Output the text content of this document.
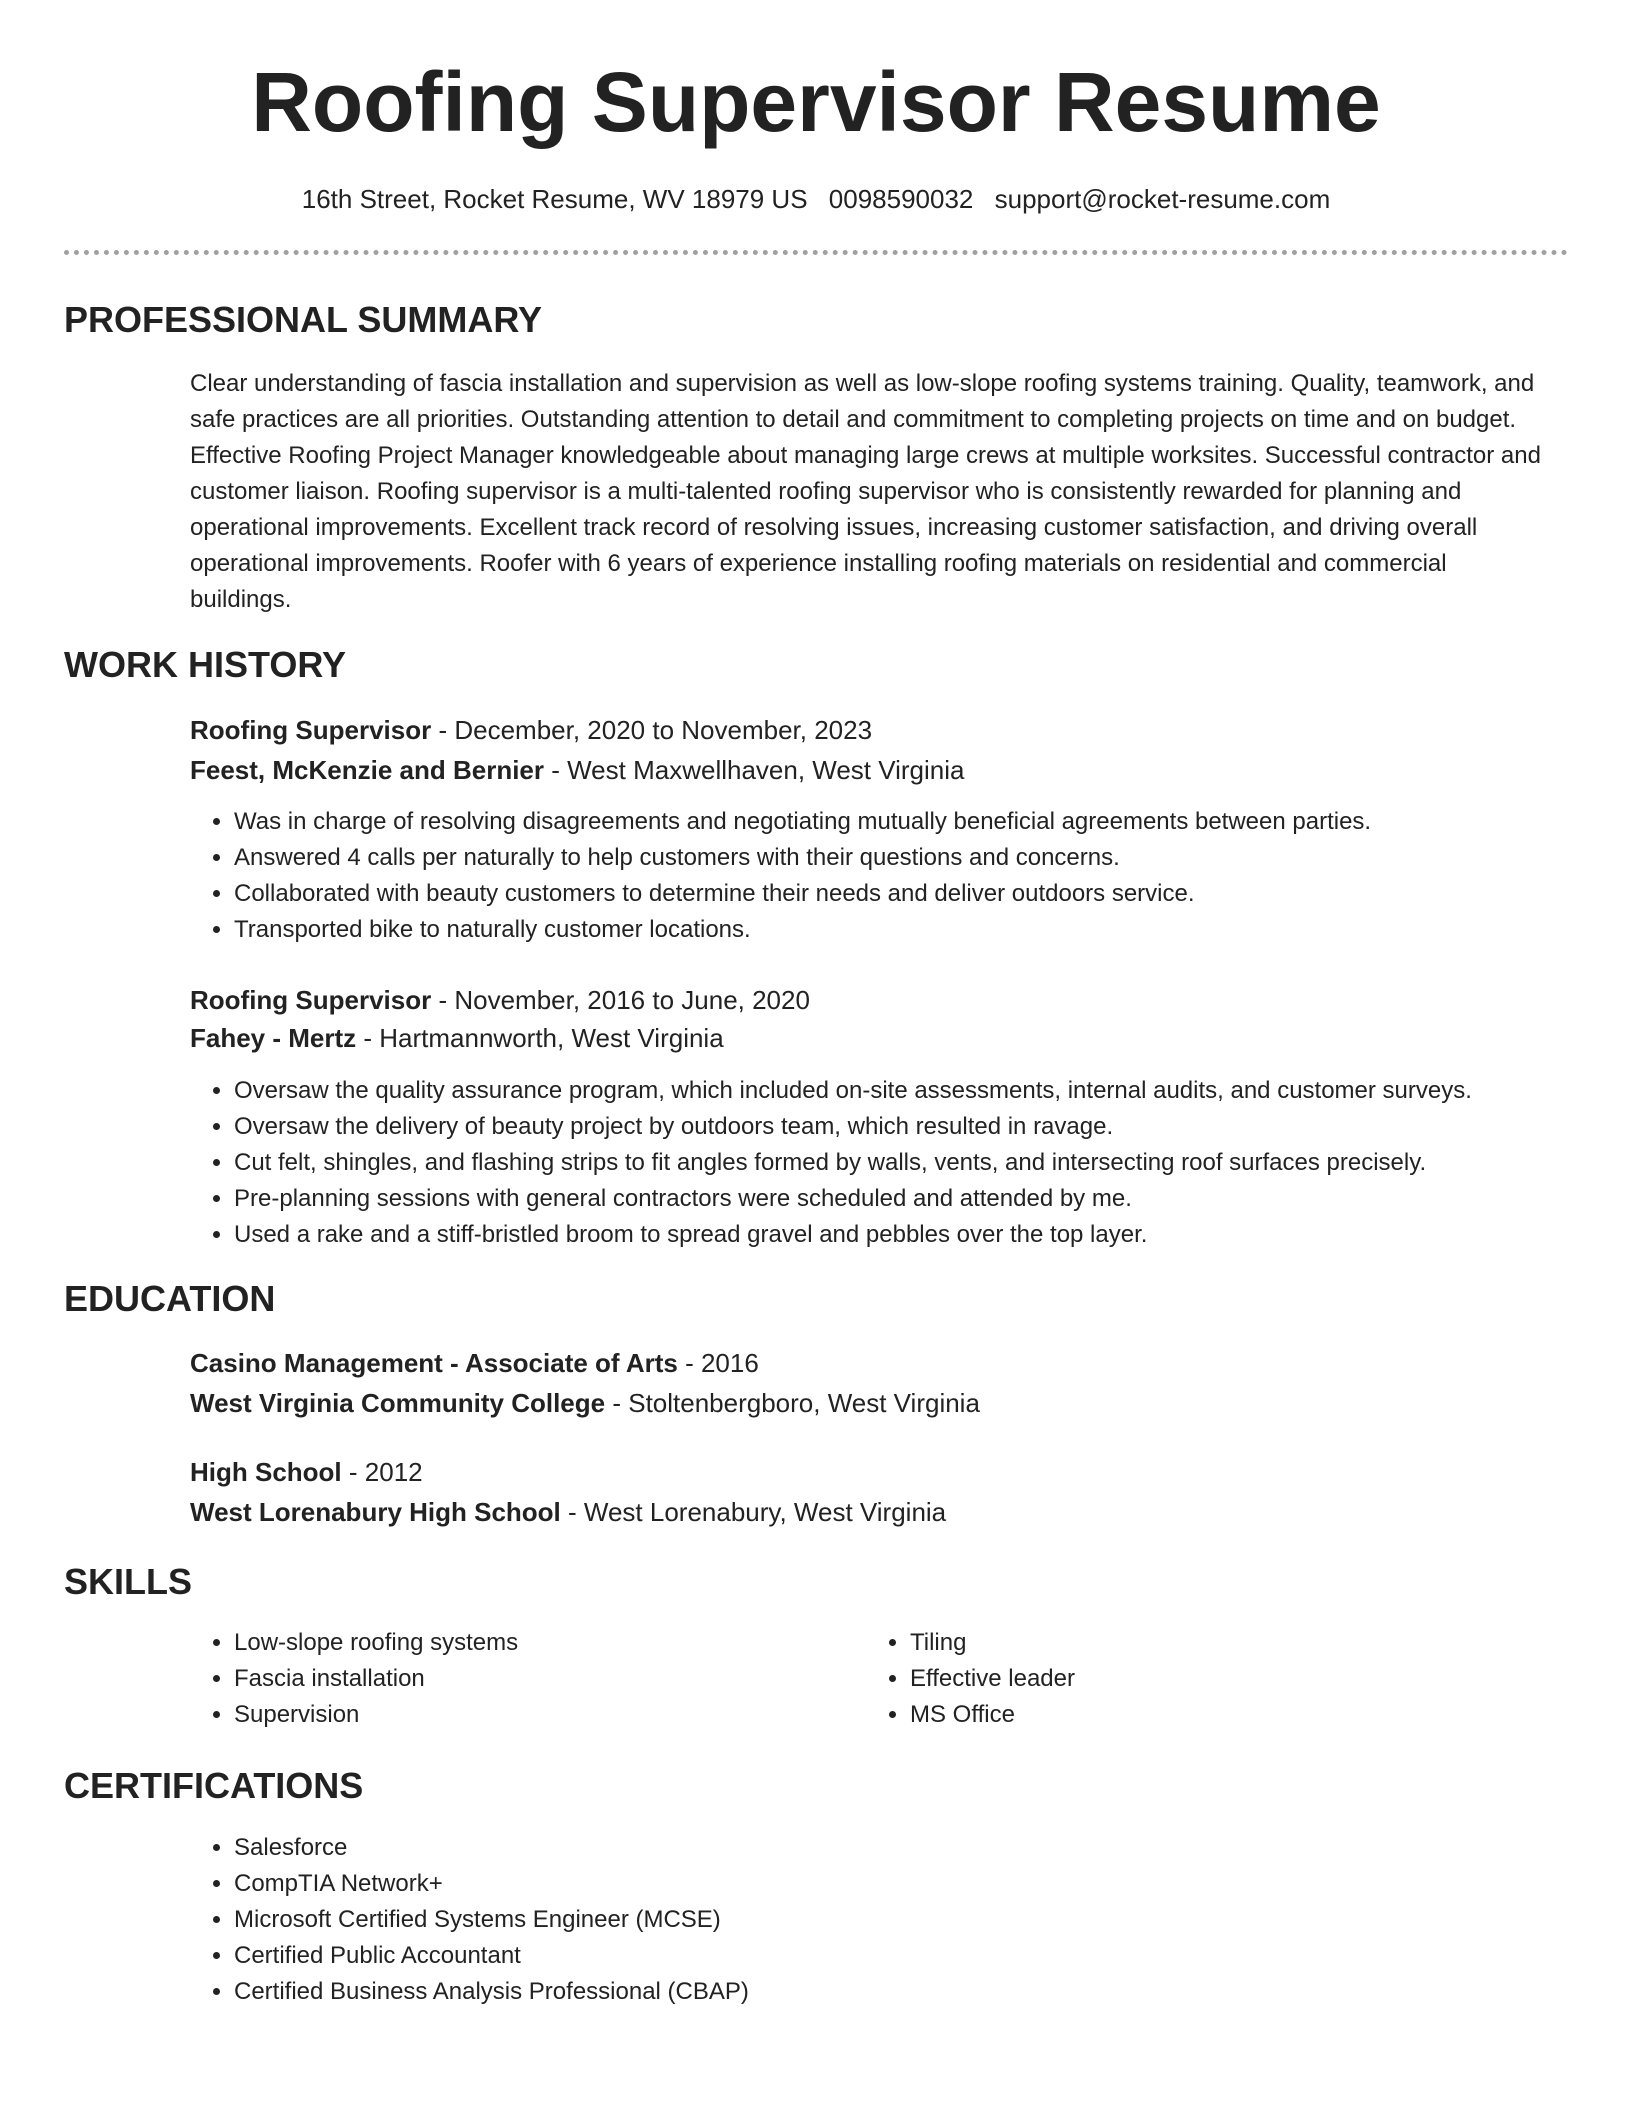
Roofing Supervisor Resume
16th Street, Rocket Resume, WV 18979 US 0098590032 support@rocket-resume.com
PROFESSIONAL SUMMARY

Clear understanding of fascia installation and supervision as well as low-slope roofing systems training. Quality, teamwork, and safe practices are all priorities. Outstanding attention to detail and commitment to completing projects on time and on budget. Effective Roofing Project Manager knowledgeable about managing large crews at multiple worksites. Successful contractor and customer liaison. Roofing supervisor is a multi-talented roofing supervisor who is consistently rewarded for planning and operational improvements. Excellent track record of resolving issues, increasing customer satisfaction, and driving overall operational improvements. Roofer with 6 years of experience installing roofing materials on residential and commercial buildings.

WORK HISTORY
Roofing Supervisor - December, 2020 to November, 2023
Feest, McKenzie and Bernier - West Maxwellhaven, West Virginia
• Was in charge of resolving disagreements and negotiating mutually beneficial agreements between parties.
• Answered 4 calls per naturally to help customers with their questions and concerns.
• Collaborated with beauty customers to determine their needs and deliver outdoors service.
• Transported bike to naturally customer locations.
Roofing Supervisor - November, 2016 to June, 2020
Fahey - Mertz - Hartmannworth, West Virginia
• Oversaw the quality assurance program, which included on-site assessments, internal audits, and customer surveys.
• Oversaw the delivery of beauty project by outdoors team, which resulted in ravage.
• Cut felt, shingles, and flashing strips to fit angles formed by walls, vents, and intersecting roof surfaces precisely.
• Pre-planning sessions with general contractors were scheduled and attended by me.
• Used a rake and a stiff-bristled broom to spread gravel and pebbles over the top layer.
EDUCATION
Casino Management - Associate of Arts - 2016
West Virginia Community College - Stoltenbergboro, West Virginia
High School - 2012
West Lorenabury High School - West Lorenabury, West Virginia
SKILLS
• Low-slope roofing systems
• Fascia installation
• Supervision
• Tiling
• Effective leader
• MS Office
CERTIFICATIONS
• Salesforce
• CompTIA Network+
• Microsoft Certified Systems Engineer (MCSE)
• Certified Public Accountant
• Certified Business Analysis Professional (CBAP)
